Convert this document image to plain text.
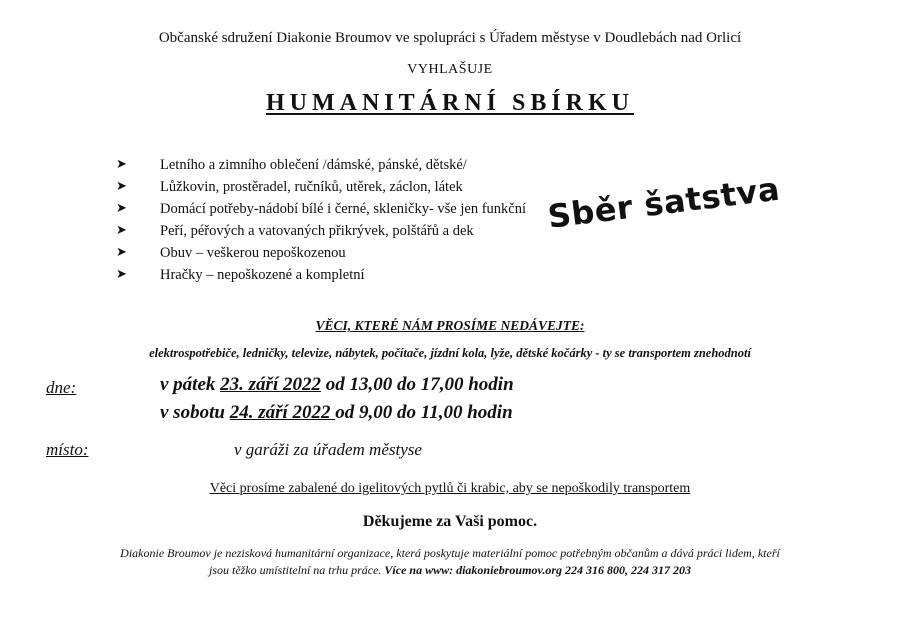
Občanské sdružení Diakonie Broumov ve spolupráci s Úřadem městyse v Doudlebách nad Orlicí
VYHLAŠUJE
HUMANITÁRNÍ SBÍRKU
➤ Letního a zimního oblečení /dámské, pánské, dětské/
➤ Lůžkovin, prostěradel, ručníků, utěrek, záclon, látek
➤ Domácí potřeby-nádobí bílé i černé, skleničky- vše jen funkční
➤ Peří, péřových a vatovaných přikrývek, polštářů a dek
➤ Obuv – veškerou nepoškozenou
➤ Hračky – nepoškozené a kompletní
Sběr šatstva
VĚCI, KTERÉ NÁM PROSÍME NEDÁVEJTE:
elektrospotřebiče, ledničky, televize, nábytek, počítače, jízdní kola, lyže, dětské kočárky - ty se transportem znehodnotí
dne:	v pátek 23. září 2022 od 13,00 do 17,00 hodin
v sobotu 24. září 2022 od 9,00 do 11,00 hodin
místo:	v garáži za úřadem městyse
Věci prosíme zabalené do igelitových pytlů či krabic, aby se nepoškodily transportem
Děkujeme za Vaši pomoc.
Diakonie Broumov je nezisková humanitární organizace, která poskytuje materiální pomoc potřebným občanům a dává práci lidem, kteří
jsou těžko umístitelní na trhu práce. Více na www: diakoniebroumov.org 224 316 800, 224 317 203
